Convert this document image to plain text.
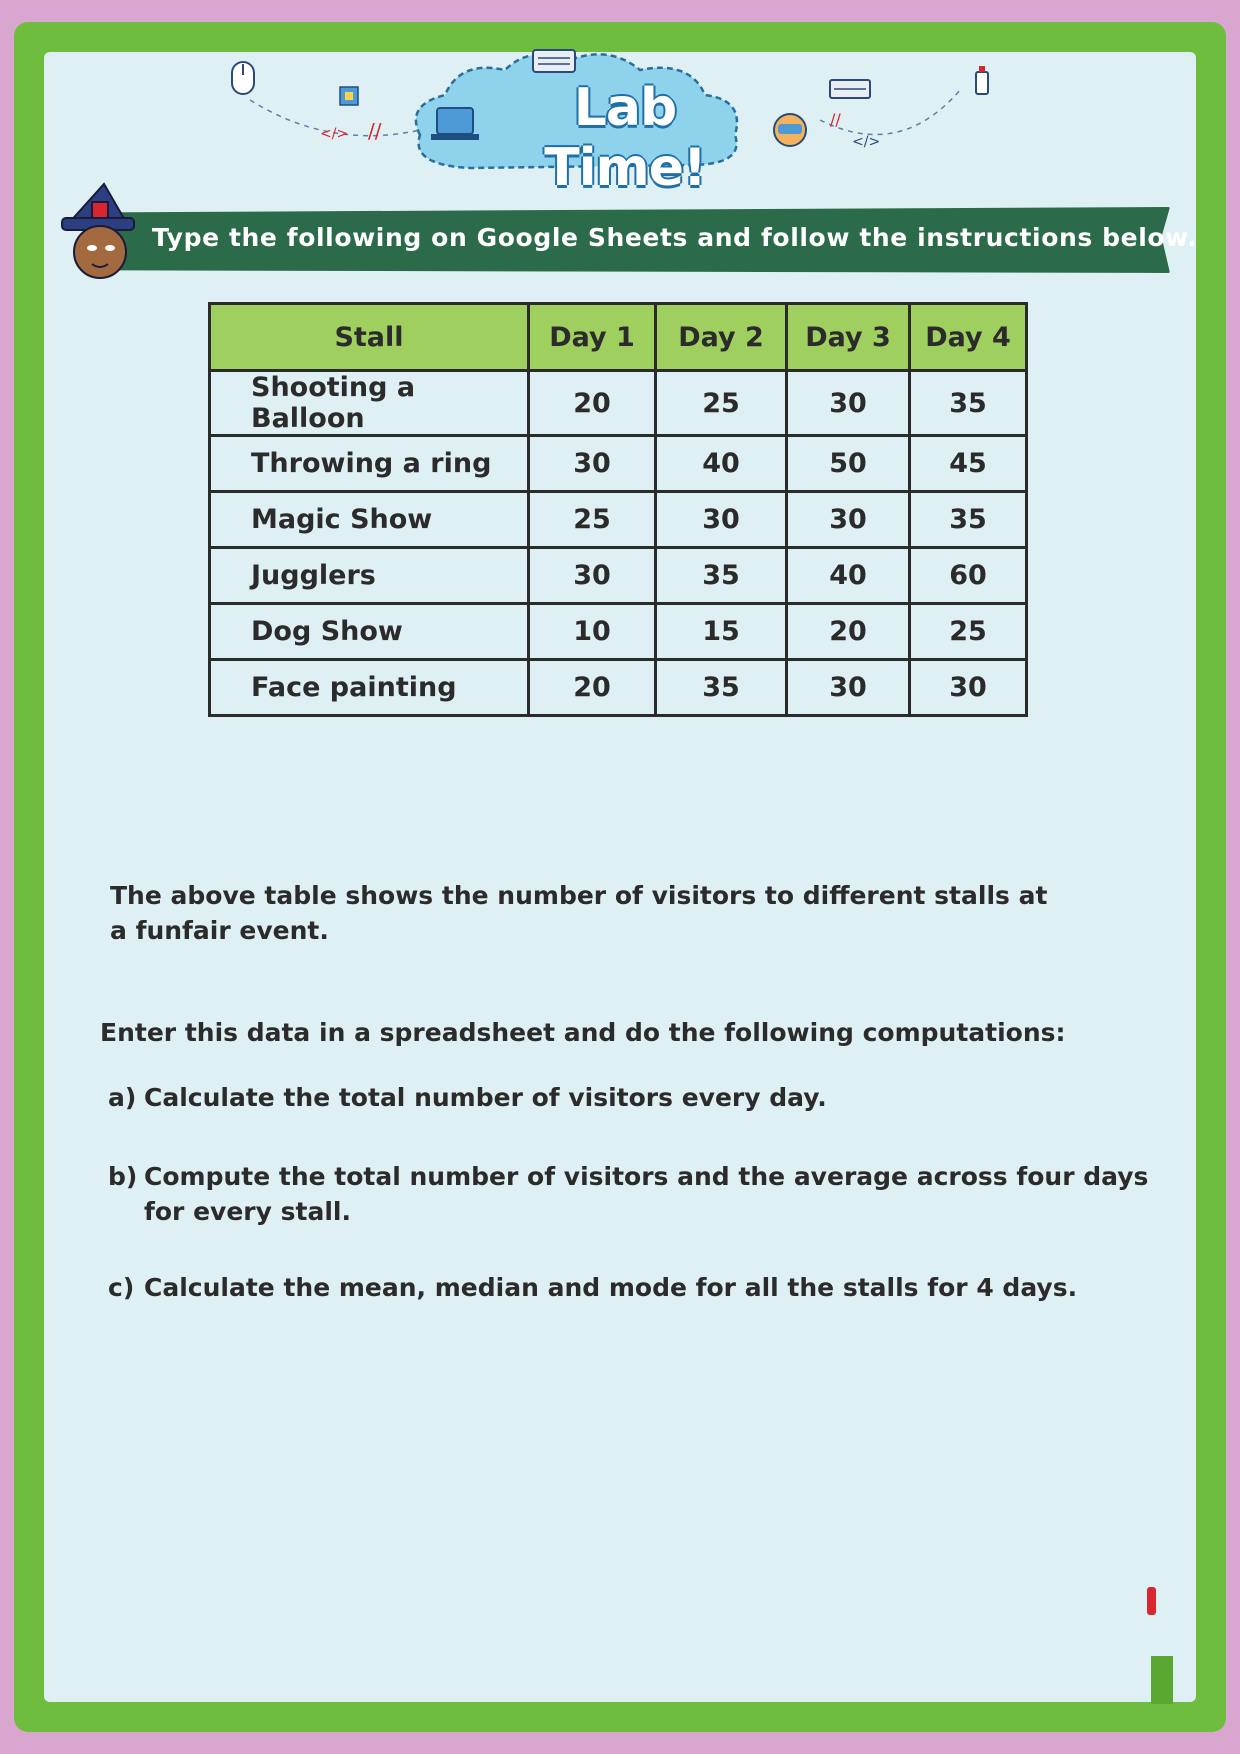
</> //	//
</>
Lab Time!
Type the following on Google Sheets and follow the instructions below.
Stall	Day 1	Day 2	Day 3	Day 4
Shooting a Balloon	20	25	30	35
Throwing a ring	30	40	50	45
Magic Show	25	30	30	35
Jugglers	30	35	40	60
Dog Show	10	15	20	25
Face painting	20	35	30	30
The above table shows the number of visitors to different stalls at
a funfair event.
Enter this data in a spreadsheet and do the following computations:
a) Calculate the total number of visitors every day.
b) Compute the total number of visitors and the average across four days
for every stall.
c) Calculate the mean, median and mode for all the stalls for 4 days.
